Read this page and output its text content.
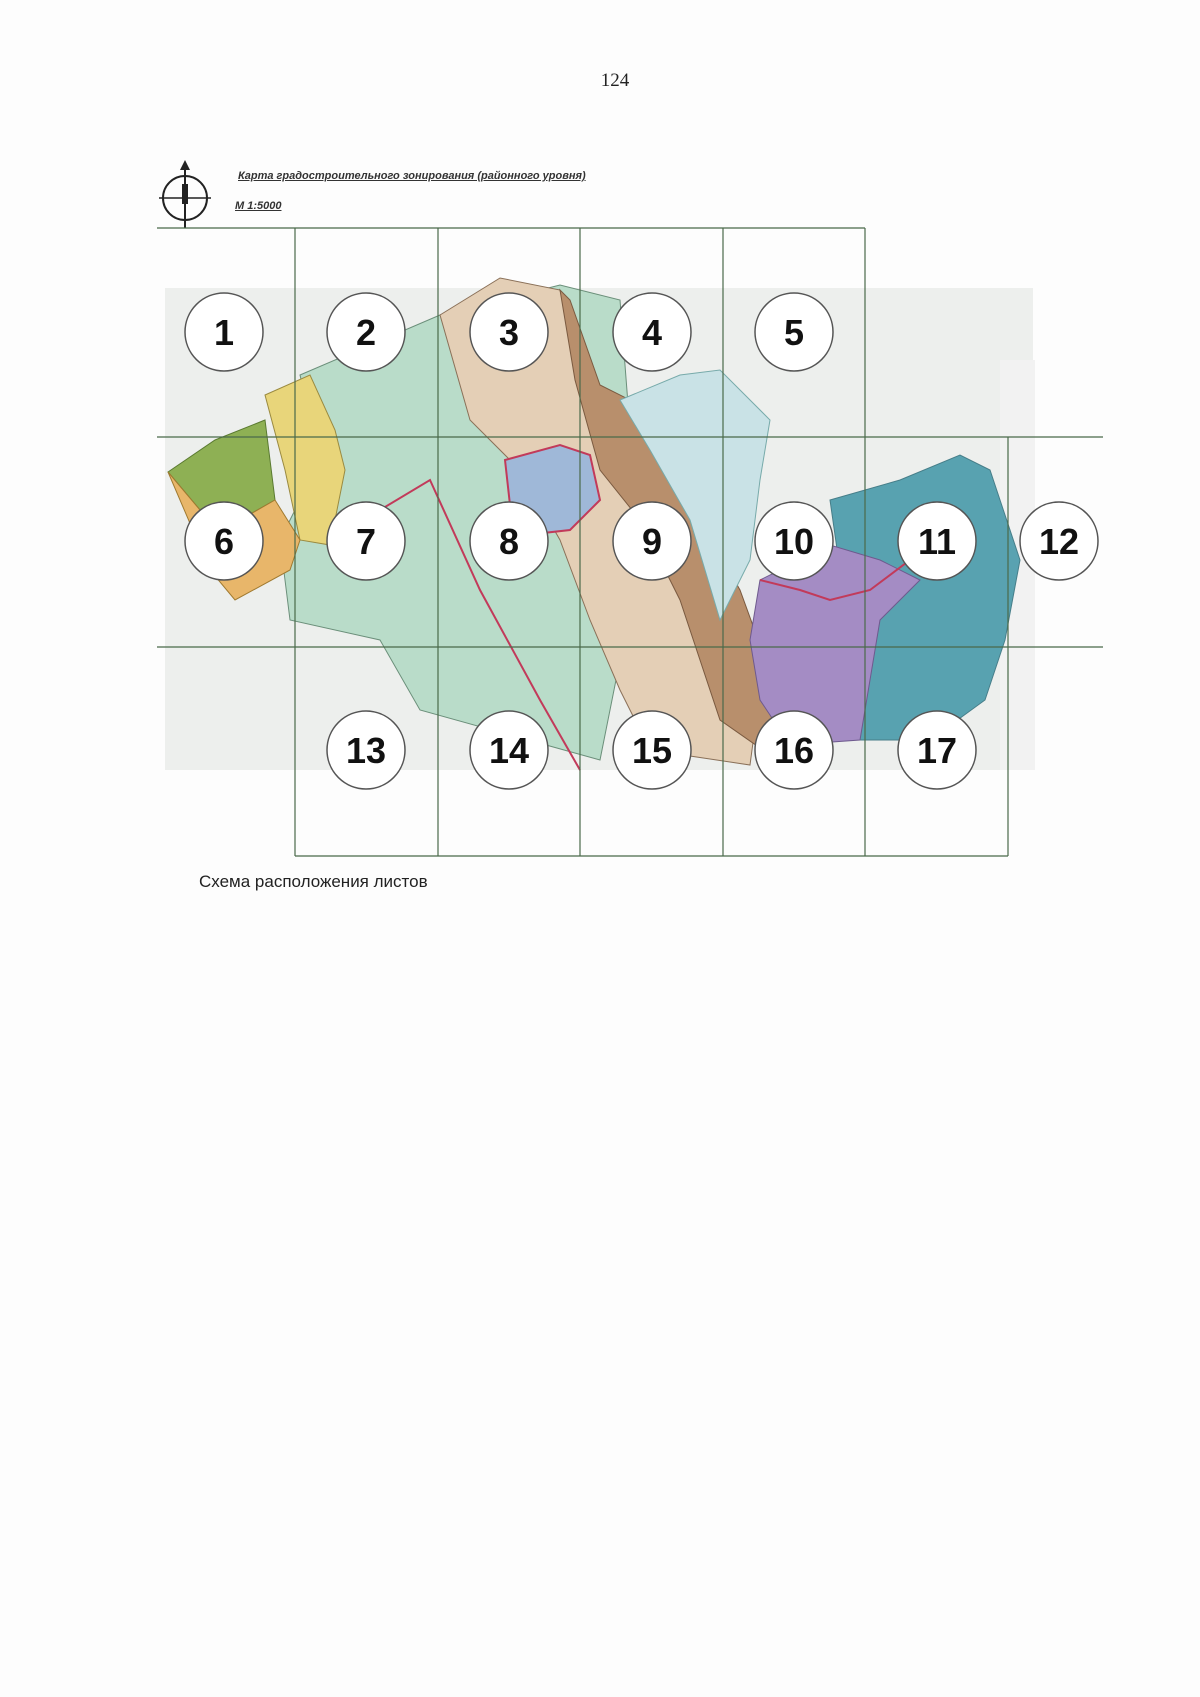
124
Карта градостроительного зонирования (районного уровня)
М 1:5000
1	2	3	4	5
6	7	8	9	10	11 12
13	14	15	16	17
Схема расположения листов
